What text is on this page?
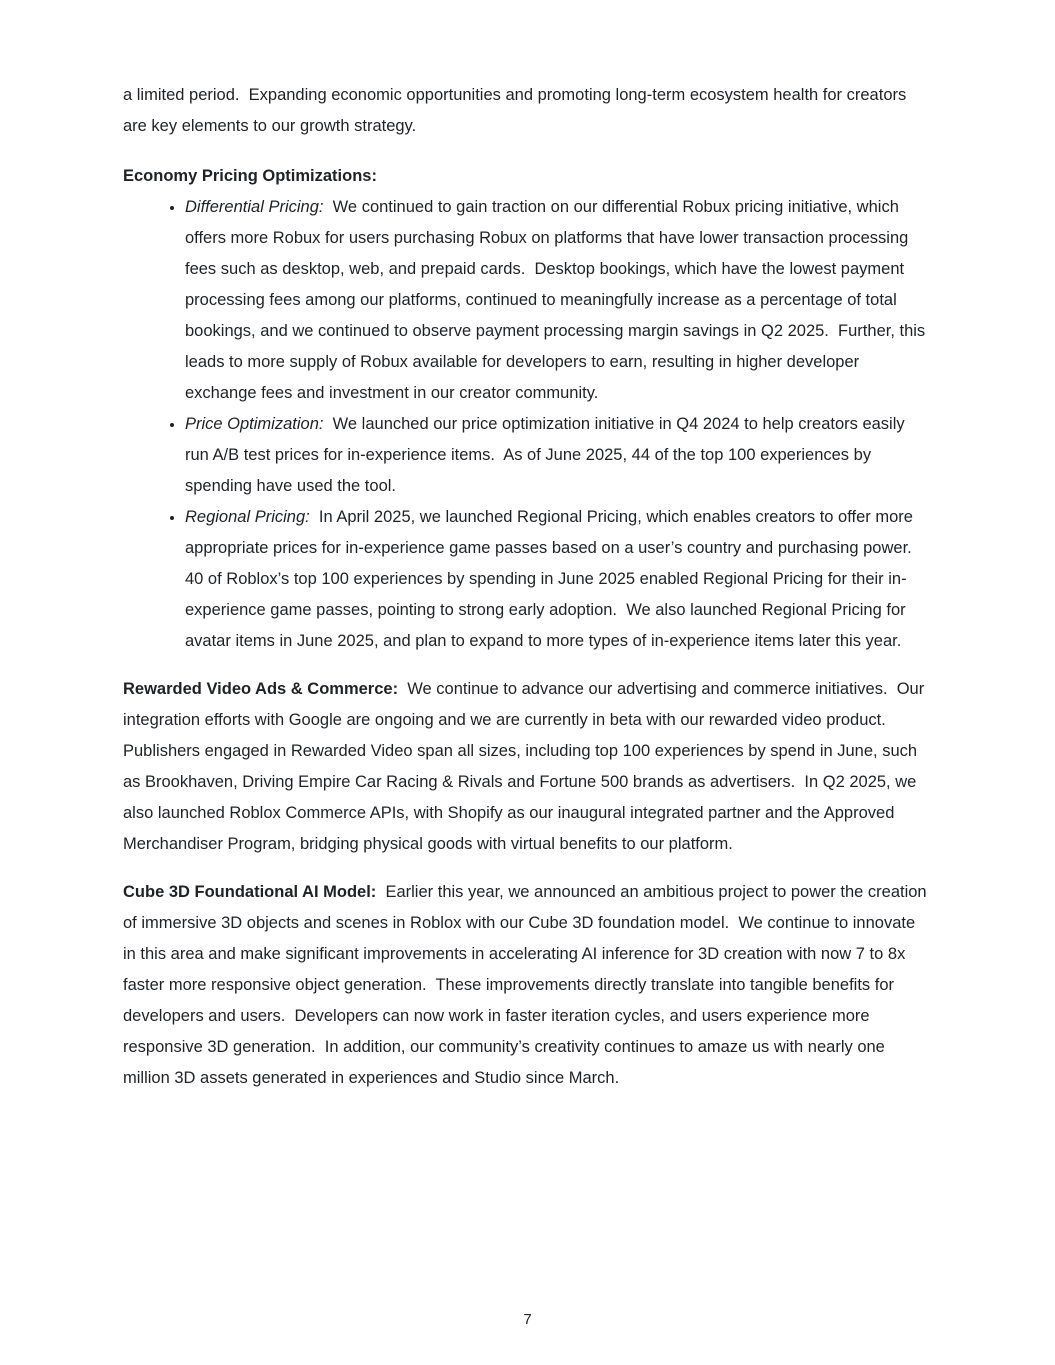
a limited period.  Expanding economic opportunities and promoting long-term ecosystem health for creators are key elements to our growth strategy.

Economy Pricing Optimizations:

• Differential Pricing:  We continued to gain traction on our differential Robux pricing initiative, which offers more Robux for users purchasing Robux on platforms that have lower transaction processing fees such as desktop, web, and prepaid cards.  Desktop bookings, which have the lowest payment processing fees among our platforms, continued to meaningfully increase as a percentage of total bookings, and we continued to observe payment processing margin savings in Q2 2025.  Further, this leads to more supply of Robux available for developers to earn, resulting in higher developer exchange fees and investment in our creator community.
• Price Optimization:  We launched our price optimization initiative in Q4 2024 to help creators easily run A/B test prices for in-experience items.  As of June 2025, 44 of the top 100 experiences by spending have used the tool.
• Regional Pricing:  In April 2025, we launched Regional Pricing, which enables creators to offer more appropriate prices for in-experience game passes based on a user’s country and purchasing power.  40 of Roblox’s top 100 experiences by spending in June 2025 enabled Regional Pricing for their in-experience game passes, pointing to strong early adoption.  We also launched Regional Pricing for avatar items in June 2025, and plan to expand to more types of in-experience items later this year.

Rewarded Video Ads & Commerce:  We continue to advance our advertising and commerce initiatives.  Our integration efforts with Google are ongoing and we are currently in beta with our rewarded video product.  Publishers engaged in Rewarded Video span all sizes, including top 100 experiences by spend in June, such as Brookhaven, Driving Empire Car Racing & Rivals and Fortune 500 brands as advertisers.  In Q2 2025, we also launched Roblox Commerce APIs, with Shopify as our inaugural integrated partner and the Approved Merchandiser Program, bridging physical goods with virtual benefits to our platform.

Cube 3D Foundational AI Model:  Earlier this year, we announced an ambitious project to power the creation of immersive 3D objects and scenes in Roblox with our Cube 3D foundation model.  We continue to innovate in this area and make significant improvements in accelerating AI inference for 3D creation with now 7 to 8x faster more responsive object generation.  These improvements directly translate into tangible benefits for developers and users.  Developers can now work in faster iteration cycles, and users experience more responsive 3D generation.  In addition, our community’s creativity continues to amaze us with nearly one million 3D assets generated in experiences and Studio since March.

7
